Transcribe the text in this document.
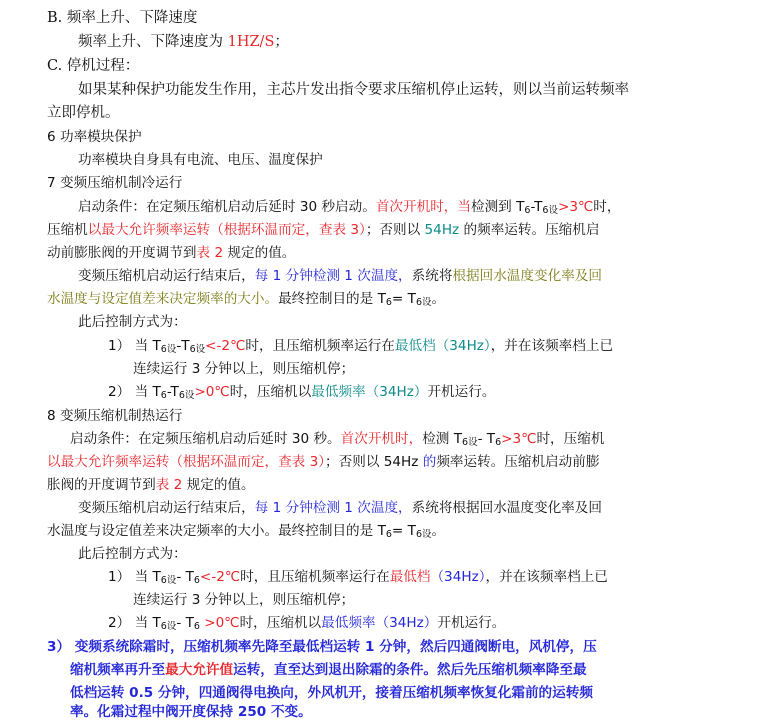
B. 频率上升、下降速度
频率上升、下降速度为 1HZ/S；
C. 停机过程：
如果某种保护功能发生作用，主芯片发出指令要求压缩机停止运转，则以当前运转频率
立即停机。
6 功率模块保护
功率模块自身具有电流、电压、温度保护
7 变频压缩机制冷运行
启动条件：在定频压缩机启动后延时 30 秒启动。首次开机时，当检测到 $T_6-T_{6设}>3℃$时，
压缩机以最大允许频率运转（根据环温而定，查表 3）；否则以 54Hz 的频率运转。压缩机启
动前膨胀阀的开度调节到表 2 规定的值。
变频压缩机启动运行结束后，每 1 分钟检测 1 次温度，系统将根据回水温度变化率及回
水温度与设定值差来决定频率的大小。最终控制目的是 $T_6= T_{6设}$。
此后控制方式为：
1） 当 $T_{6设}-T_{6设}<-2℃$时，且压缩机频率运行在最低档（34Hz），并在该频率档上已
连续运行 3 分钟以上，则压缩机停；
2） 当 $T_6-T_{6设}>0℃$时，压缩机以最低频率（34Hz）开机运行。
8 变频压缩机制热运行
启动条件：在定频压缩机启动后延时 30 秒。首次开机时，检测 $T_{6设}-$ $T_6>3℃$时，压缩机
以最大允许频率运转（根据环温而定，查表 3）；否则以 54Hz 的频率运转。压缩机启动前膨
胀阀的开度调节到表 2 规定的值。
变频压缩机启动运行结束后，每 1 分钟检测 1 次温度，系统将根据回水温度变化率及回
水温度与设定值差来决定频率的大小。最终控制目的是 $T_6= T_{6设}$。
此后控制方式为：
1） 当 $T_{6设}-$ $T_6<-2℃$时，且压缩机频率运行在最低档（34Hz），并在该频率档上已
连续运行 3 分钟以上，则压缩机停；
2） 当 $T_{6设}-$ $T_6$ >0℃时，压缩机以最低频率（34Hz）开机运行。
3） 变频系统除霜时，压缩机频率先降至最低档运转 1 分钟，然后四通阀断电，风机停，压
缩机频率再升至最大允许值运转，直至达到退出除霜的条件。然后先压缩机频率降至最
低档运转 0.5 分钟，四通阀得电换向，外风机开，接着压缩机频率恢复化霜前的运转频
率。化霜过程中阀开度保持 250 不变。
